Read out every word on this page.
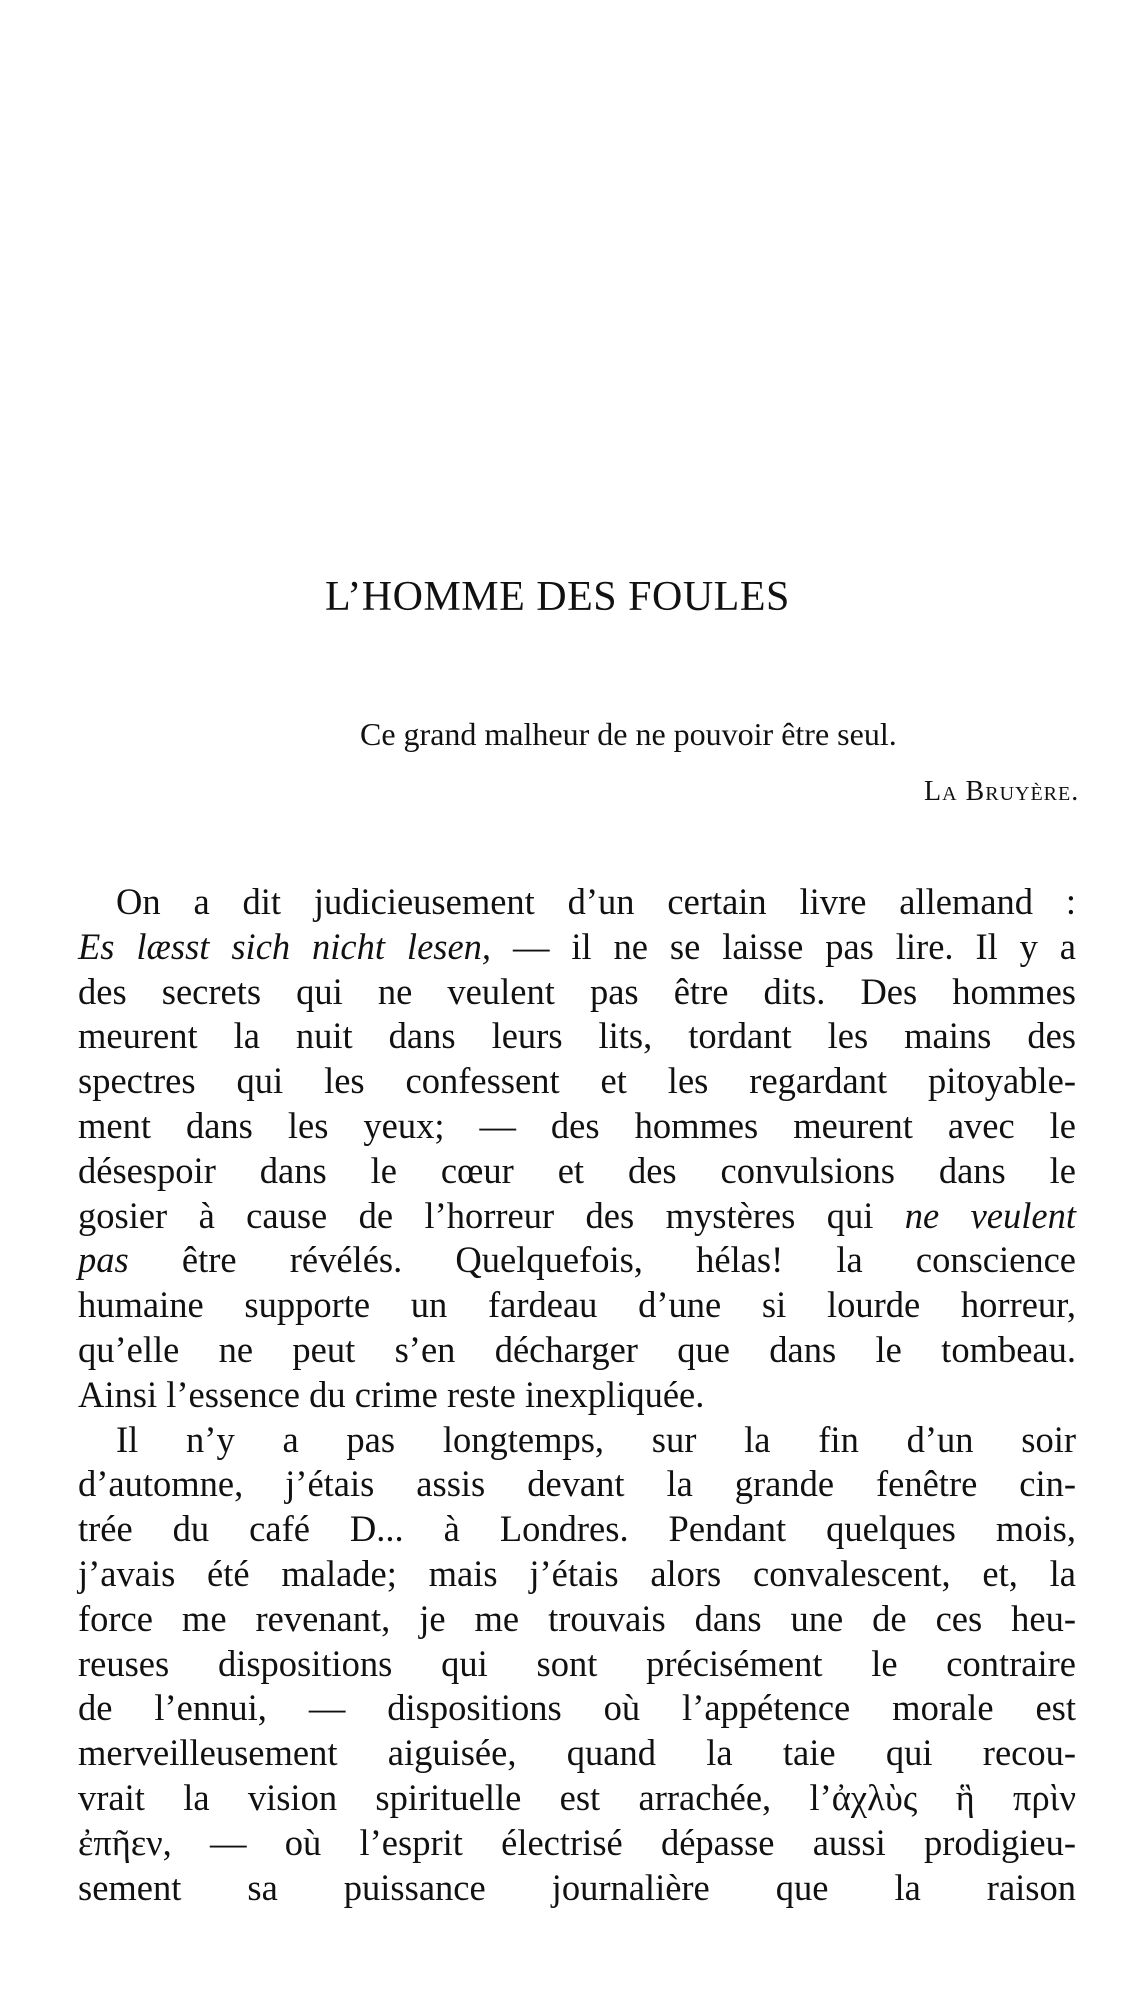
L’HOMME DES FOULES
Ce grand malheur de ne pouvoir être seul.
La Bruyère.
On a dit judicieusement d’un certain livre allemand :
Es læsst sich nicht lesen, — il ne se laisse pas lire. Il y a
des secrets qui ne veulent pas être dits. Des hommes
meurent la nuit dans leurs lits, tordant les mains des
spectres qui les confessent et les regardant pitoyable-
ment dans les yeux; — des hommes meurent avec le
désespoir dans le cœur et des convulsions dans le
gosier à cause de l’horreur des mystères qui ne veulent
pas être révélés. Quelquefois, hélas! la conscience
humaine supporte un fardeau d’une si lourde horreur,
qu’elle ne peut s’en décharger que dans le tombeau.
Ainsi l’essence du crime reste inexpliquée.
Il n’y a pas longtemps, sur la fin d’un soir
d’automne, j’étais assis devant la grande fenêtre cin-
trée du café D... à Londres. Pendant quelques mois,
j’avais été malade; mais j’étais alors convalescent, et, la
force me revenant, je me trouvais dans une de ces heu-
reuses dispositions qui sont précisément le contraire
de l’ennui, — dispositions où l’appétence morale est
merveilleusement aiguisée, quand la taie qui recou-
vrait la vision spirituelle est arrachée, l’ἀχλὺς ἣ πρὶν
ἐπῆεν, — où l’esprit électrisé dépasse aussi prodigieu-
sement sa puissance journalière que la raison
